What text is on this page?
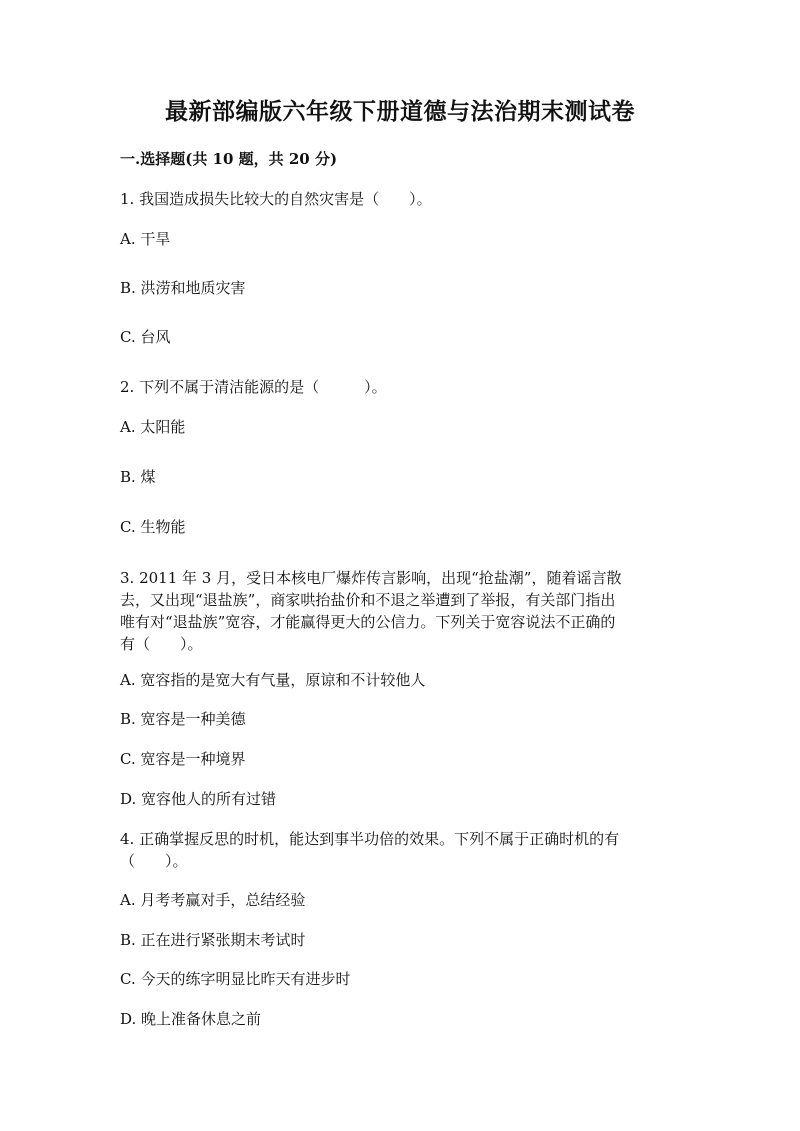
最新部编版六年级下册道德与法治期末测试卷
一.选择题(共 10 题，共 20 分)
1. 我国造成损失比较大的自然灾害是（　　）。
A. 干旱
B. 洪涝和地质灾害
C. 台风
2. 下列不属于清洁能源的是（　　　）。
A. 太阳能
B. 煤
C. 生物能
3. 2011 年 3 月，受日本核电厂爆炸传言影响，出现“抢盐潮”，随着谣言散
去，又出现“退盐族”，商家哄抬盐价和不退之举遭到了举报，有关部门指出
唯有对“退盐族”宽容，才能赢得更大的公信力。下列关于宽容说法不正确的
有（　　）。
A. 宽容指的是宽大有气量，原谅和不计较他人
B. 宽容是一种美德
C. 宽容是一种境界
D. 宽容他人的所有过错
4. 正确掌握反思的时机，能达到事半功倍的效果。下列不属于正确时机的有
（　　）。
A. 月考考赢对手，总结经验
B. 正在进行紧张期末考试时
C. 今天的练字明显比昨天有进步时
D. 晚上准备休息之前
